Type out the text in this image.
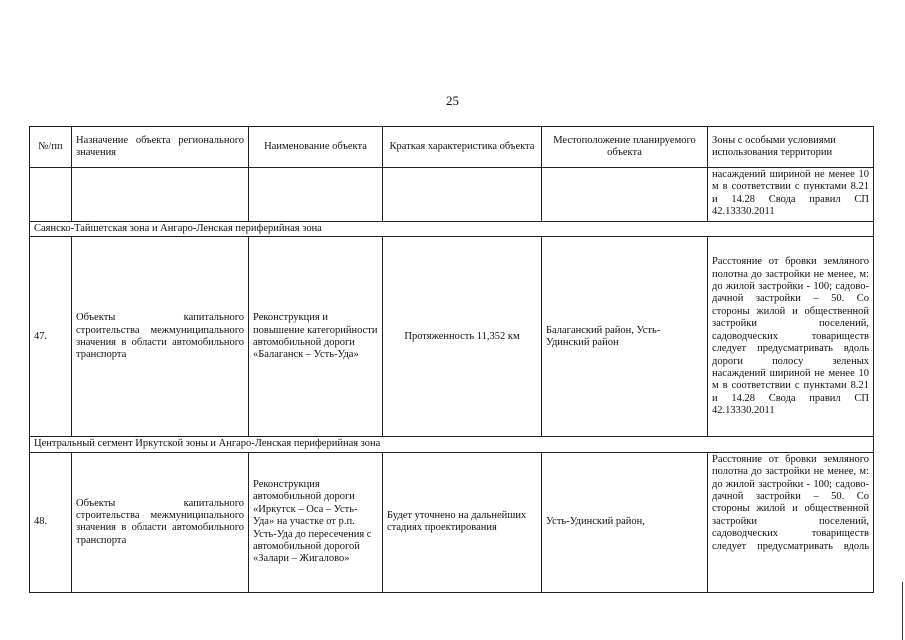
25
№/пп	Назначение объекта регионального значения	Наименование объекта	Краткая характеристика объекта	Местоположение планируемого объекта	Зоны с особыми условиями использования территории
					насаждений шириной не менее 10 м в соответствии с пунктами 8.21 и 14.28 Свода правил СП 42.13330.2011
Саянско-Тайшетская зона и Ангаро-Ленская периферийная зона					
47.	Объекты капитального строительства межмуниципального значения в области автомобильного транспорта	Реконструкция и повышение категорийности автомобильной дороги «Балаганск – Усть-Уда»	Протяженность 11,352 км	Балаганский район, Усть-Удинский район	Расстояние от бровки земляного полотна до застройки не менее, м: до жилой застройки - 100; садово-дачной застройки – 50. Со стороны жилой и общественной застройки поселений, садоводческих товариществ следует предусматривать вдоль дороги полосу зеленых насаждений шириной не менее 10 м в соответствии с пунктами 8.21 и 14.28 Свода правил СП 42.13330.2011
Центральный сегмент Иркутской зоны и Ангаро-Ленская периферийная зона					
48.	Объекты капитального строительства межмуниципального значения в области автомобильного транспорта	Реконструкция автомобильной дороги «Иркутск – Оса – Усть-Уда» на участке от р.п. Усть-Уда до пересечения с автомобильной дорогой «Залари – Жигалово»	Будет уточнено на дальнейших стадиях проектирования	Усть-Удинский район,	Расстояние от бровки земляного полотна до застройки не менее, м: до жилой застройки - 100; садово-дачной застройки – 50. Со стороны жилой и общественной застройки поселений, садоводческих товариществ следует предусматривать вдоль
